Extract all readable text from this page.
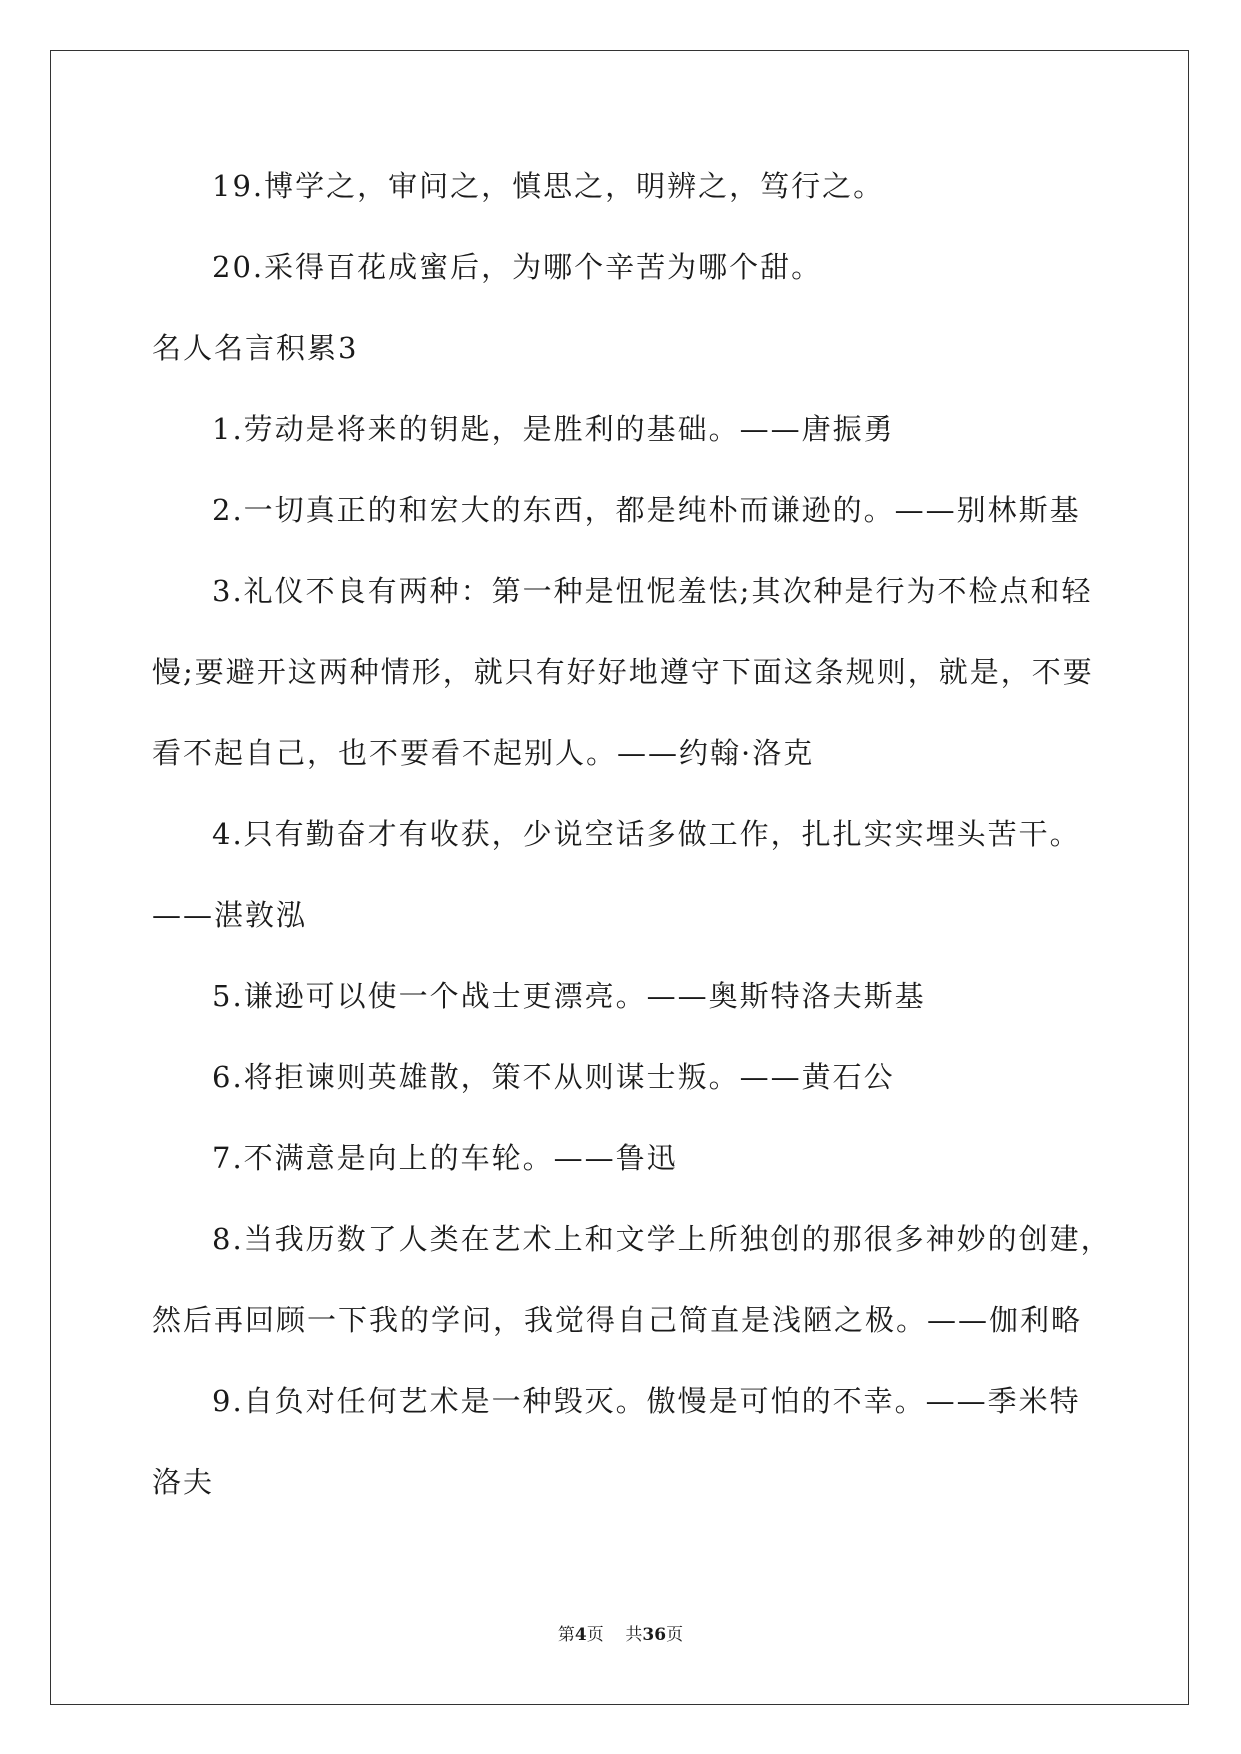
19.博学之，审问之，慎思之，明辨之，笃行之。

20.采得百花成蜜后，为哪个辛苦为哪个甜。

名人名言积累3

1.劳动是将来的钥匙，是胜利的基础。——唐振勇

2.一切真正的和宏大的东西，都是纯朴而谦逊的。——别林斯基

3.礼仪不良有两种：第一种是忸怩羞怯;其次种是行为不检点和轻

慢;要避开这两种情形，就只有好好地遵守下面这条规则，就是，不要

看不起自己，也不要看不起别人。——约翰·洛克

4.只有勤奋才有收获，少说空话多做工作，扎扎实实埋头苦干。

——湛敦泓

5.谦逊可以使一个战士更漂亮。——奥斯特洛夫斯基

6.将拒谏则英雄散，策不从则谋士叛。——黄石公

7.不满意是向上的车轮。——鲁迅

8.当我历数了人类在艺术上和文学上所独创的那很多神妙的创建，

然后再回顾一下我的学问，我觉得自己简直是浅陋之极。——伽利略

9.自负对任何艺术是一种毁灭。傲慢是可怕的不幸。——季米特

洛夫

第4页 共36页
